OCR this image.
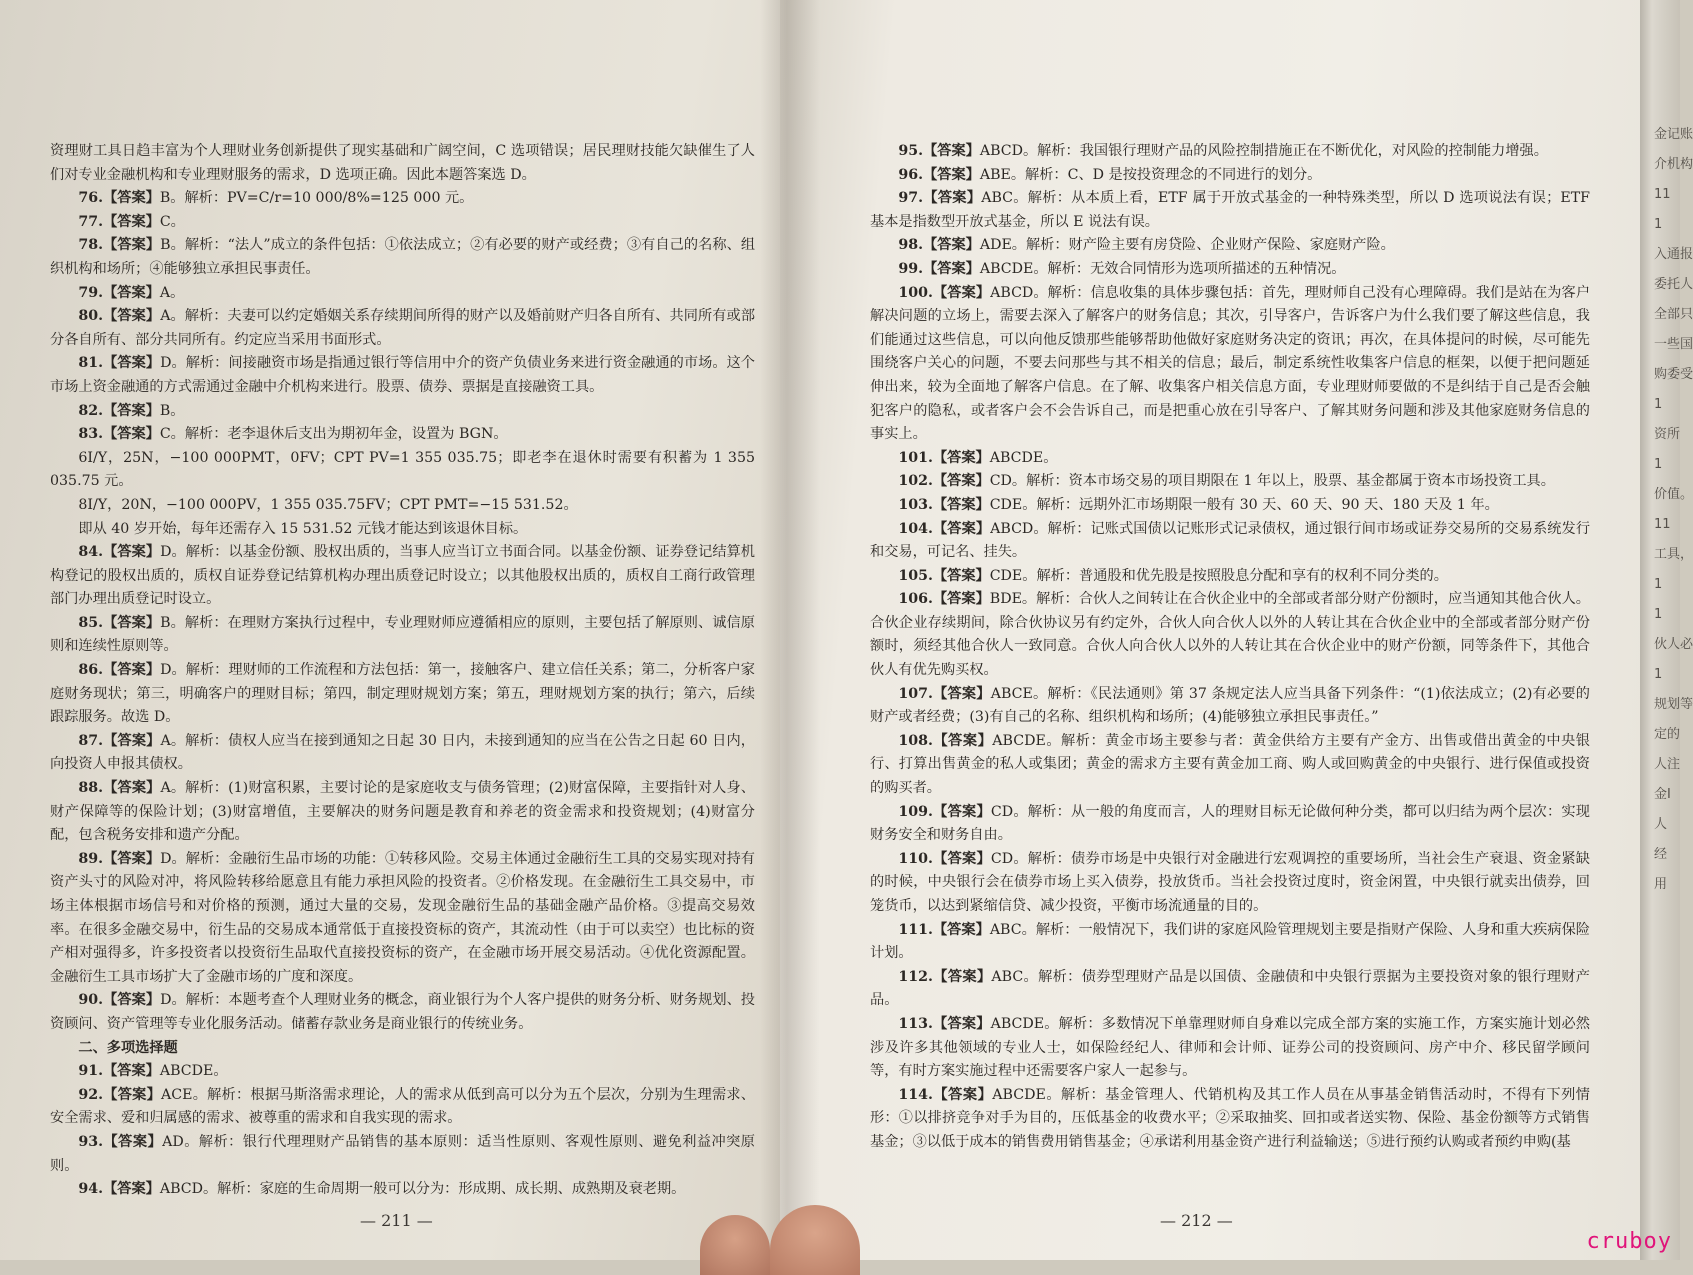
资理财工具日趋丰富为个人理财业务创新提供了现实基础和广阔空间，C 选项错误；居民理财技能欠缺催生了人们对专业金融机构和专业理财服务的需求，D 选项正确。因此本题答案选 D。

76.【答案】B。解析：PV=C/r=10 000/8%=125 000 元。

77.【答案】C。

78.【答案】B。解析：“法人”成立的条件包括：①依法成立；②有必要的财产或经费；③有自己的名称、组织机构和场所；④能够独立承担民事责任。

79.【答案】A。

80.【答案】A。解析：夫妻可以约定婚姻关系存续期间所得的财产以及婚前财产归各自所有、共同所有或部分各自所有、部分共同所有。约定应当采用书面形式。

81.【答案】D。解析：间接融资市场是指通过银行等信用中介的资产负债业务来进行资金融通的市场。这个市场上资金融通的方式需通过金融中介机构来进行。股票、债券、票据是直接融资工具。

82.【答案】B。

83.【答案】C。解析：老李退休后支出为期初年金，设置为 BGN。

6I/Y，25N，−100 000PMT，0FV；CPT PV=1 355 035.75；即老李在退休时需要有积蓄为 1 355 035.75 元。

8I/Y，20N，−100 000PV，1 355 035.75FV；CPT PMT=−15 531.52。

即从 40 岁开始，每年还需存入 15 531.52 元钱才能达到该退休目标。

84.【答案】D。解析：以基金份额、股权出质的，当事人应当订立书面合同。以基金份额、证券登记结算机构登记的股权出质的，质权自证券登记结算机构办理出质登记时设立；以其他股权出质的，质权自工商行政管理部门办理出质登记时设立。

85.【答案】B。解析：在理财方案执行过程中，专业理财师应遵循相应的原则，主要包括了解原则、诚信原则和连续性原则等。

86.【答案】D。解析：理财师的工作流程和方法包括：第一，接触客户、建立信任关系；第二，分析客户家庭财务现状；第三，明确客户的理财目标；第四，制定理财规划方案；第五，理财规划方案的执行；第六，后续跟踪服务。故选 D。

87.【答案】A。解析：债权人应当在接到通知之日起 30 日内，未接到通知的应当在公告之日起 60 日内，向投资人申报其债权。

88.【答案】A。解析：(1)财富积累，主要讨论的是家庭收支与债务管理；(2)财富保障，主要指针对人身、财产保障等的保险计划；(3)财富增值，主要解决的财务问题是教育和养老的资金需求和投资规划；(4)财富分配，包含税务安排和遗产分配。

89.【答案】D。解析：金融衍生品市场的功能：①转移风险。交易主体通过金融衍生工具的交易实现对持有资产头寸的风险对冲，将风险转移给愿意且有能力承担风险的投资者。②价格发现。在金融衍生工具交易中，市场主体根据市场信号和对价格的预测，通过大量的交易，发现金融衍生品的基础金融产品价格。③提高交易效率。在很多金融交易中，衍生品的交易成本通常低于直接投资标的资产，其流动性（由于可以卖空）也比标的资产相对强得多，许多投资者以投资衍生品取代直接投资标的资产，在金融市场开展交易活动。④优化资源配置。金融衍生工具市场扩大了金融市场的广度和深度。

90.【答案】D。解析：本题考查个人理财业务的概念，商业银行为个人客户提供的财务分析、财务规划、投资顾问、资产管理等专业化服务活动。储蓄存款业务是商业银行的传统业务。

二、多项选择题

91.【答案】ABCDE。

92.【答案】ACE。解析：根据马斯洛需求理论，人的需求从低到高可以分为五个层次，分别为生理需求、安全需求、爱和归属感的需求、被尊重的需求和自我实现的需求。

93.【答案】AD。解析：银行代理理财产品销售的基本原则：适当性原则、客观性原则、避免利益冲突原则。

94.【答案】ABCD。解析：家庭的生命周期一般可以分为：形成期、成长期、成熟期及衰老期。

— 211 —

95.【答案】ABCD。解析：我国银行理财产品的风险控制措施正在不断优化，对风险的控制能力增强。

96.【答案】ABE。解析：C、D 是按投资理念的不同进行的划分。

97.【答案】ABC。解析：从本质上看，ETF 属于开放式基金的一种特殊类型，所以 D 选项说法有误；ETF 基本是指数型开放式基金，所以 E 说法有误。

98.【答案】ADE。解析：财产险主要有房贷险、企业财产保险、家庭财产险。

99.【答案】ABCDE。解析：无效合同情形为选项所描述的五种情况。

100.【答案】ABCD。解析：信息收集的具体步骤包括：首先，理财师自己没有心理障碍。我们是站在为客户解决问题的立场上，需要去深入了解客户的财务信息；其次，引导客户，告诉客户为什么我们要了解这些信息，我们能通过这些信息，可以向他反馈那些能够帮助他做好家庭财务决定的资讯；再次，在具体提问的时候，尽可能先围绕客户关心的问题，不要去问那些与其不相关的信息；最后，制定系统性收集客户信息的框架，以便于把问题延伸出来，较为全面地了解客户信息。在了解、收集客户相关信息方面，专业理财师要做的不是纠结于自己是否会触犯客户的隐私，或者客户会不会告诉自己，而是把重心放在引导客户、了解其财务问题和涉及其他家庭财务信息的事实上。

101.【答案】ABCDE。

102.【答案】CD。解析：资本市场交易的项目期限在 1 年以上，股票、基金都属于资本市场投资工具。

103.【答案】CDE。解析：远期外汇市场期限一般有 30 天、60 天、90 天、180 天及 1 年。

104.【答案】ABCD。解析：记账式国债以记账形式记录债权，通过银行间市场或证券交易所的交易系统发行和交易，可记名、挂失。

105.【答案】CDE。解析：普通股和优先股是按照股息分配和享有的权利不同分类的。

106.【答案】BDE。解析：合伙人之间转让在合伙企业中的全部或者部分财产份额时，应当通知其他合伙人。合伙企业存续期间，除合伙协议另有约定外，合伙人向合伙人以外的人转让其在合伙企业中的全部或者部分财产份额时，须经其他合伙人一致同意。合伙人向合伙人以外的人转让其在合伙企业中的财产份额，同等条件下，其他合伙人有优先购买权。

107.【答案】ABCE。解析：《民法通则》第 37 条规定法人应当具备下列条件：“(1)依法成立；(2)有必要的财产或者经费；(3)有自己的名称、组织机构和场所；(4)能够独立承担民事责任。”

108.【答案】ABCDE。解析：黄金市场主要参与者：黄金供给方主要有产金方、出售或借出黄金的中央银行、打算出售黄金的私人或集团；黄金的需求方主要有黄金加工商、购人或回购黄金的中央银行、进行保值或投资的购买者。

109.【答案】CD。解析：从一般的角度而言，人的理财目标无论做何种分类，都可以归结为两个层次：实现财务安全和财务自由。

110.【答案】CD。解析：债券市场是中央银行对金融进行宏观调控的重要场所，当社会生产衰退、资金紧缺的时候，中央银行会在债券市场上买入债券，投放货币。当社会投资过度时，资金闲置，中央银行就卖出债券，回笼货币，以达到紧缩信贷、减少投资，平衡市场流通量的目的。

111.【答案】ABC。解析：一般情况下，我们讲的家庭风险管理规划主要是指财产保险、人身和重大疾病保险计划。

112.【答案】ABC。解析：债券型理财产品是以国债、金融债和中央银行票据为主要投资对象的银行理财产品。

113.【答案】ABCDE。解析：多数情况下单靠理财师自身难以完成全部方案的实施工作，方案实施计划必然涉及许多其他领域的专业人士，如保险经纪人、律师和会计师、证券公司的投资顾问、房产中介、移民留学顾问等，有时方案实施过程中还需要客户家人一起参与。

114.【答案】ABCDE。解析：基金管理人、代销机构及其工作人员在从事基金销售活动时，不得有下列情形：①以排挤竞争对手为目的，压低基金的收费水平；②采取抽奖、回扣或者送实物、保险、基金份额等方式销售基金；③以低于成本的销售费用销售基金；④承诺利用基金资产进行利益输送；⑤进行预约认购或者预约申购(基

— 212 —

金记账

介机构

11

1

入通报

委托人

全部只

一些国

购委受

1

资所

1

价值。

11

工具，

1

1

伙人必

1

规划等

定的

人注

金I

人

经

用

cruboy
